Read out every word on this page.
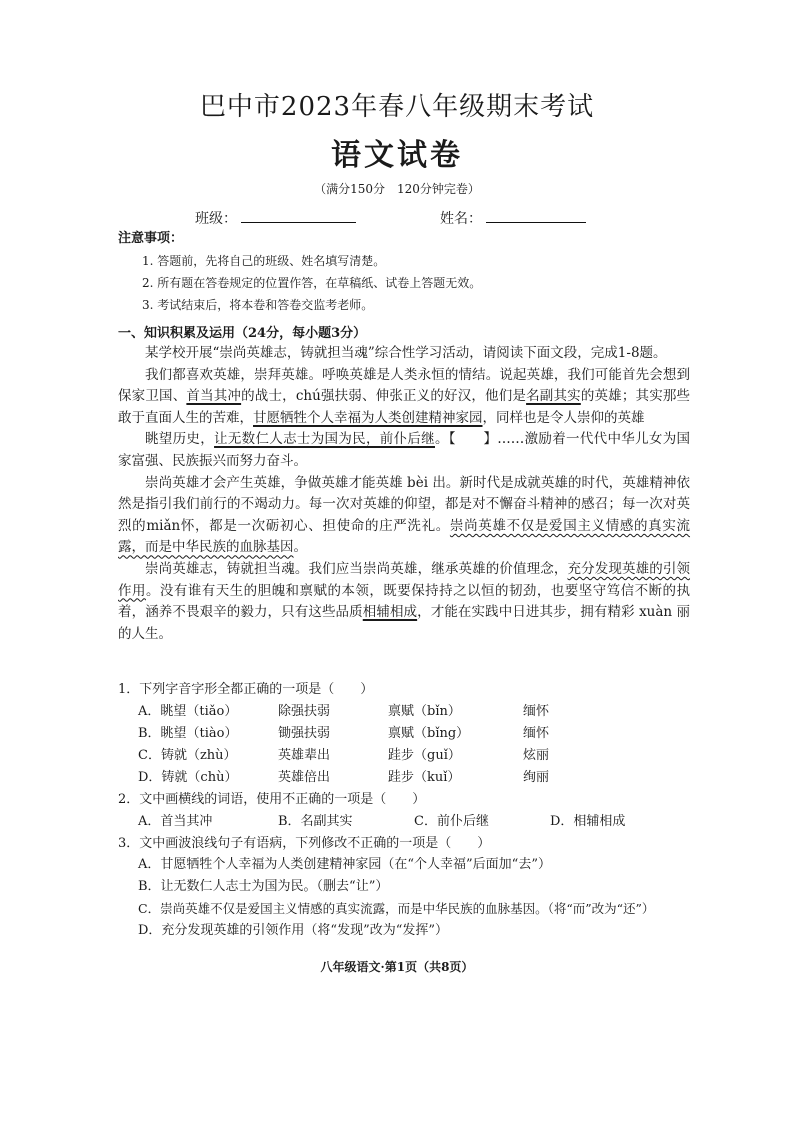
巴中市2023年春八年级期末考试
语文试卷
（满分150分　120分钟完卷）
班级：	姓名：
注意事项：
1. 答题前，先将自己的班级、姓名填写清楚。
2. 所有题在答卷规定的位置作答，在草稿纸、试卷上答题无效。
3. 考试结束后，将本卷和答卷交监考老师。
一、知识积累及运用（24分，每小题3分）

某学校开展“崇尚英雄志，铸就担当魂”综合性学习活动，请阅读下面文段，完成1-8题。

我们都喜欢英雄，崇拜英雄。呼唤英雄是人类永恒的情结。说起英雄，我们可能首先会想到保家卫国、首当其冲的战士，chú强扶弱、伸张正义的好汉，他们是名副其实的英雄；其实那些敢于直面人生的苦难，甘愿牺牲个人幸福为人类创建精神家园，同样也是令人崇仰的英雄

眺望历史，让无数仁人志士为国为民，前仆后继。【　　】……激励着一代代中华儿女为国家富强、民族振兴而努力奋斗。

崇尚英雄才会产生英雄，争做英雄才能英雄 bèi 出。新时代是成就英雄的时代，英雄精神依然是指引我们前行的不竭动力。每一次对英雄的仰望，都是对不懈奋斗精神的感召；每一次对英烈的miǎn怀，都是一次砺初心、担使命的庄严洗礼。崇尚英雄不仅是爱国主义情感的真实流露，而是中华民族的血脉基因。

崇尚英雄志，铸就担当魂。我们应当崇尚英雄，继承英雄的价值理念，充分发现英雄的引领作用。没有谁有天生的胆魄和禀赋的本领，既要保持持之以恒的韧劲，也要坚守笃信不断的执着，涵养不畏艰辛的毅力，只有这些品质相辅相成，才能在实践中日进其步，拥有精彩 xuàn 丽的人生。

1．下列字音字形全都正确的一项是（　　）
A．眺望（tiǎo）	除强扶弱	禀赋（bǐn）	缅怀
B．眺望（tiào）	锄强扶弱	禀赋（bǐng）	缅怀
C．铸就（zhù）	英雄辈出	跬步（guǐ）	炫丽
D．铸就（chù）	英雄倍出	跬步（kuǐ）	绚丽
2．文中画横线的词语，使用不正确的一项是（　　）
A．首当其冲	B．名副其实	C．前仆后继	D．相辅相成
3．文中画波浪线句子有语病，下列修改不正确的一项是（　　）
A．甘愿牺牲个人幸福为人类创建精神家园（在“个人幸福”后面加“去”）
B．让无数仁人志士为国为民。（删去“让”）
C．崇尚英雄不仅是爱国主义情感的真实流露，而是中华民族的血脉基因。（将“而”改为“还”）
D．充分发现英雄的引领作用（将“发现”改为“发挥”）
八年级语文·第1页（共8页）
